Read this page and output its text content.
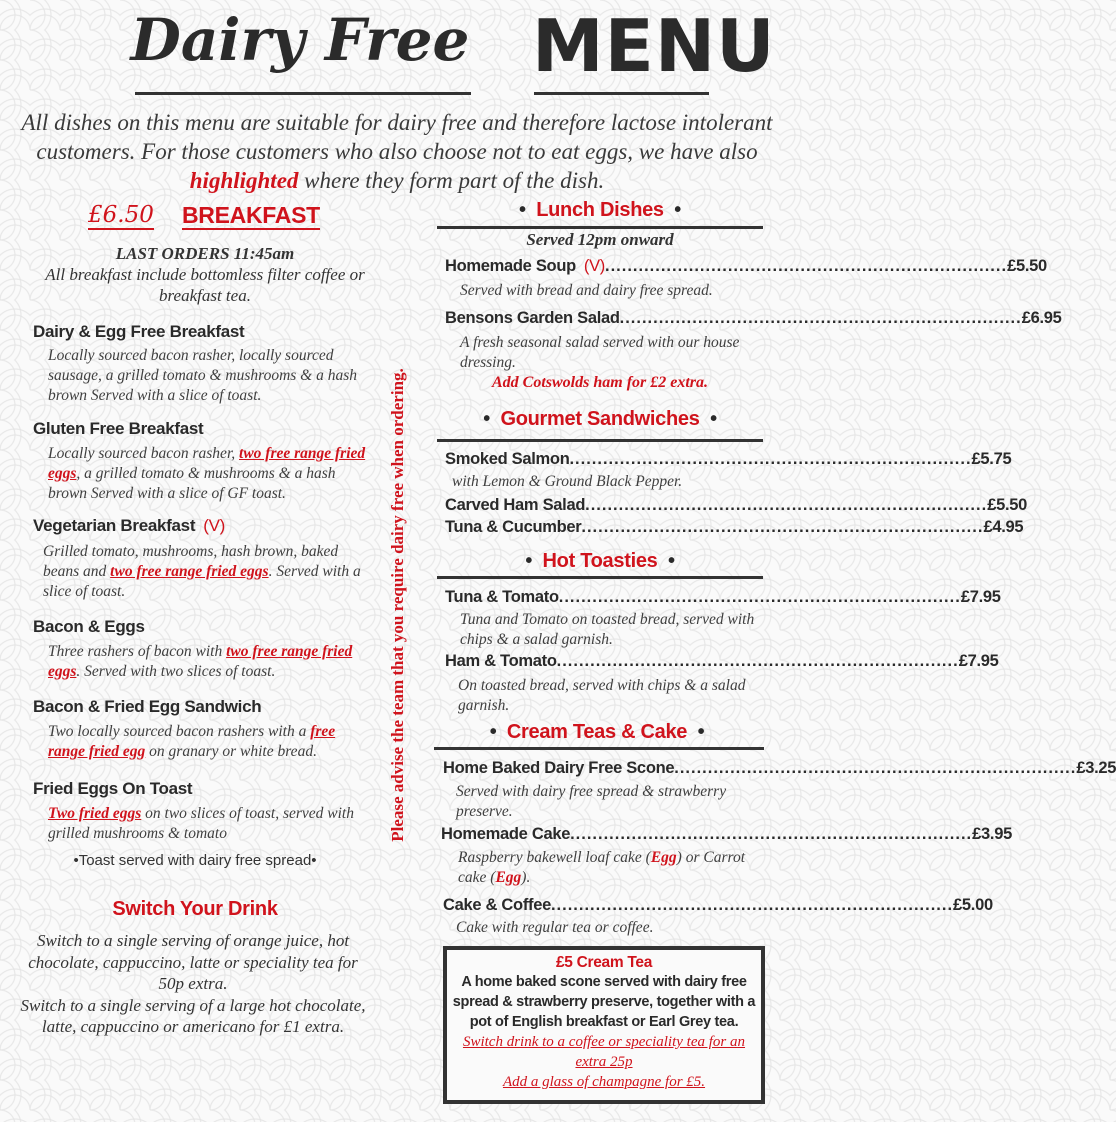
Dairy Free MENU
All dishes on this menu are suitable for dairy free and therefore lactose intolerant customers. For those customers who also choose not to eat eggs, we have also highlighted where they form part of the dish.
£6.50 BREAKFAST
LAST ORDERS 11:45am
All breakfast include bottomless filter coffee or breakfast tea.
Dairy & Egg Free Breakfast
Locally sourced bacon rasher, locally sourced sausage, a grilled tomato & mushrooms & a hash brown Served with a slice of toast.
Gluten Free Breakfast
Locally sourced bacon rasher, two free range fried eggs, a grilled tomato & mushrooms & a hash brown Served with a slice of GF toast.
Vegetarian Breakfast (V)
Grilled tomato, mushrooms, hash brown, baked beans and two free range fried eggs. Served with a slice of toast.
Bacon & Eggs
Three rashers of bacon with two free range fried eggs. Served with two slices of toast.
Bacon & Fried Egg Sandwich
Two locally sourced bacon rashers with a free range fried egg on granary or white bread.
Fried Eggs On Toast
Two fried eggs on two slices of toast, served with grilled mushrooms & tomato
•Toast served with dairy free spread•
Switch Your Drink
Switch to a single serving of orange juice, hot chocolate, cappuccino, latte or speciality tea for 50p extra.
Switch to a single serving of a large hot chocolate, latte, cappuccino or americano for £1 extra.
Please advise the team that you require dairy free when ordering.
• Lunch Dishes •
Served 12pm onward
Homemade Soup (V) ........................................................................ £5.50
Served with bread and dairy free spread.
Bensons Garden Salad ........................................................................ £6.95
A fresh seasonal salad served with our house dressing.
Add Cotswolds ham for £2 extra.
• Gourmet Sandwiches •
Smoked Salmon ........................................................................ £5.75
with Lemon & Ground Black Pepper.
Carved Ham Salad ........................................................................ £5.50
Tuna & Cucumber ........................................................................ £4.95
• Hot Toasties •
Tuna & Tomato ........................................................................ £7.95
Tuna and Tomato on toasted bread, served with chips & a salad garnish.
Ham & Tomato ........................................................................ £7.95
On toasted bread, served with chips & a salad garnish.
• Cream Teas & Cake •
Home Baked Dairy Free Scone ........................................................................ £3.25
Served with dairy free spread & strawberry preserve.
Homemade Cake ........................................................................ £3.95
Raspberry bakewell loaf cake (Egg) or Carrot cake (Egg).
Cake & Coffee ........................................................................ £5.00
Cake with regular tea or coffee.
£5 Cream Tea
A home baked scone served with dairy free spread & strawberry preserve, together with a pot of English breakfast or Earl Grey tea.
Switch drink to a coffee or speciality tea for an extra 25p
Add a glass of champagne for £5.
